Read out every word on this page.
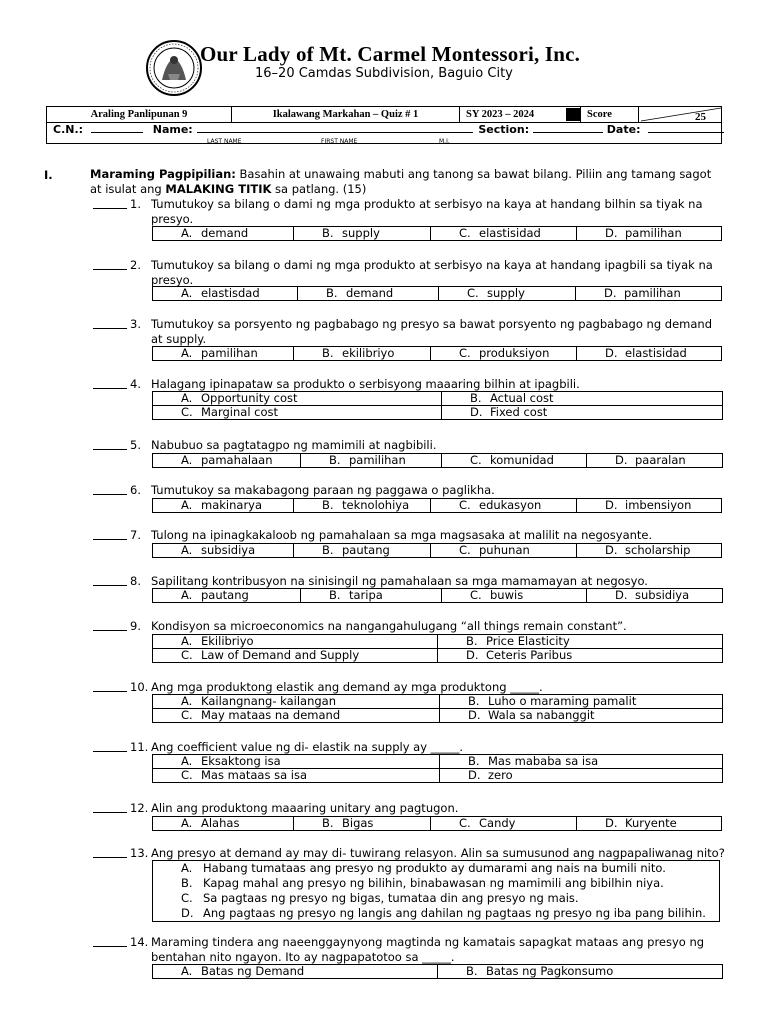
Our Lady of Mt. Carmel Montessori, Inc.
16–20 Camdas Subdivision, Baguio City
Araling Panlipunan 9	Ikalawang Markahan – Quiz # 1	SY 2023 – 2024	Score	25
C.N.:	Name:	Section:	Date:
LAST NAME	FIRST NAME	M.I.
I.	Maraming Pagpipilian: Basahin at unawaing mabuti ang tanong sa bawat bilang. Piliin ang tamang sagot at isulat ang MALAKING TITIK sa patlang. (15)
1. Tumutukoy sa bilang o dami ng mga produkto at serbisyo na kaya at handang bilhin sa tiyak na presyo.
A. demand	B. supply	C. elastisidad	D. pamilihan
2. Tumutukoy sa bilang o dami ng mga produkto at serbisyo na kaya at handang ipagbili sa tiyak na presyo.
A. elastisdad	B. demand	C. supply	D. pamilihan
3. Tumutukoy sa porsyento ng pagbabago ng presyo sa bawat porsyento ng pagbabago ng demand at supply.
A. pamilihan	B. ekilibriyo	C. produksiyon	D. elastisidad
4. Halagang ipinapataw sa produkto o serbisyong maaaring bilhin at ipagbili.
A. Opportunity cost	B. Actual cost
C. Marginal cost	D. Fixed cost
5. Nabubuo sa pagtatagpo ng mamimili at nagbibili.
A. pamahalaan	B. pamilihan	C. komunidad	D. paaralan
6. Tumutukoy sa makabagong paraan ng paggawa o paglikha.
A. makinarya	B. teknolohiya	C. edukasyon	D. imbensiyon
7. Tulong na ipinagkakaloob ng pamahalaan sa mga magsasaka at malilit na negosyante.
A. subsidiya	B. pautang	C. puhunan	D. scholarship
8. Sapilitang kontribusyon na sinisingil ng pamahalaan sa mga mamamayan at negosyo.
A. pautang	B. taripa	C. buwis	D. subsidiya
9. Kondisyon sa microeconomics na nangangahulugang “all things remain constant”.
A. Ekilibriyo	B. Price Elasticity
C. Law of Demand and Supply	D. Ceteris Paribus
10. Ang mga produktong elastik ang demand ay mga produktong _____.
A. Kailangnang- kailangan	B. Luho o maraming pamalit
C. May mataas na demand	D. Wala sa nabanggit
11. Ang coefficient value ng di- elastik na supply ay _____.
A. Eksaktong isa	B. Mas mababa sa isa
C. Mas mataas sa isa	D. zero
12. Alin ang produktong maaaring unitary ang pagtugon.
A. Alahas	B. Bigas	C. Candy	D. Kuryente
13. Ang presyo at demand ay may di- tuwirang relasyon. Alin sa sumusunod ang nagpapaliwanag nito?
A. Habang tumataas ang presyo ng produkto ay dumarami ang nais na bumili nito.
B. Kapag mahal ang presyo ng bilihin, binabawasan ng mamimili ang bibilhin niya.
C. Sa pagtaas ng presyo ng bigas, tumataa din ang presyo ng mais.
D. Ang pagtaas ng presyo ng langis ang dahilan ng pagtaas ng presyo ng iba pang bilihin.
14. Maraming tindera ang naeenggaynyong magtinda ng kamatais sapagkat mataas ang presyo ng bentahan nito ngayon. Ito ay nagpapatotoo sa _____.
A. Batas ng Demand	B. Batas ng Pagkonsumo
